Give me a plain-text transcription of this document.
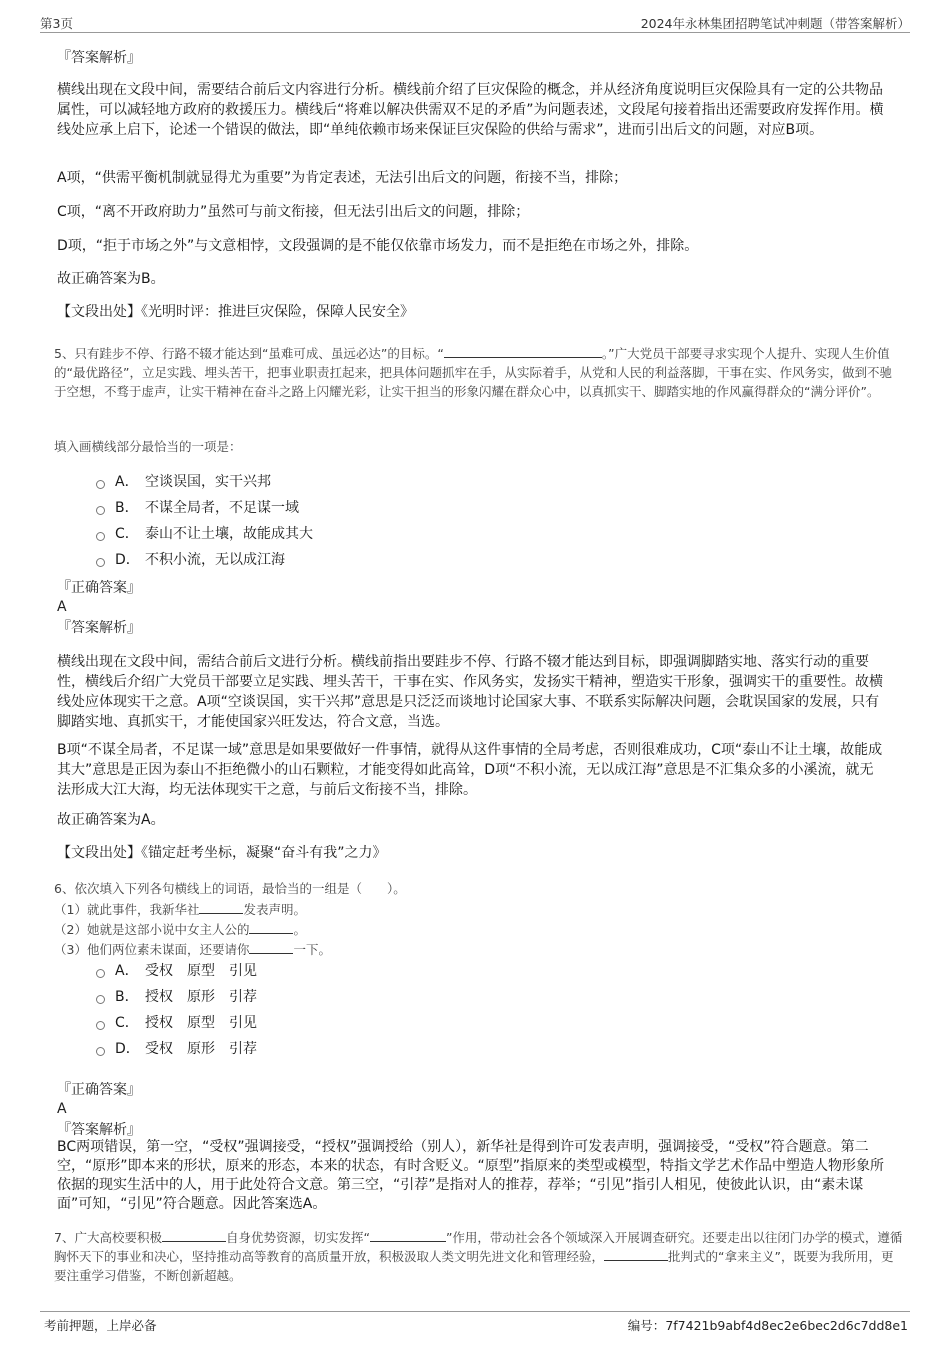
第3页	2024年永林集团招聘笔试冲刺题（带答案解析）
『答案解析』
横线出现在文段中间，需要结合前后文内容进行分析。横线前介绍了巨灾保险的概念，并从经济角度说明巨灾保险具有一定的公共物品属性，可以减轻地方政府的救援压力。横线后“将难以解决供需双不足的矛盾”为问题表述，文段尾句接着指出还需要政府发挥作用。横线处应承上启下，论述一个错误的做法，即“单纯依赖市场来保证巨灾保险的供给与需求”，进而引出后文的问题，对应B项。
A项，“供需平衡机制就显得尤为重要”为肯定表述，无法引出后文的问题，衔接不当，排除；
C项，“离不开政府助力”虽然可与前文衔接，但无法引出后文的问题，排除；
D项，“拒于市场之外”与文意相悖，文段强调的是不能仅依靠市场发力，而不是拒绝在市场之外，排除。
故正确答案为B。
【文段出处】《光明时评：推进巨灾保险，保障人民安全》
5、只有跬步不停、行路不辍才能达到“虽难可成、虽远必达”的目标。“	。”广大党员干部要寻求实现个人提升、实现人生价值的“最优路径”，立足实践、埋头苦干，把事业职责扛起来，把具体问题抓牢在手，从实际着手，从党和人民的利益落脚，干事在实、作风务实，做到不驰于空想，不骛于虚声，让实干精神在奋斗之路上闪耀光彩，让实干担当的形象闪耀在群众心中，以真抓实干、脚踏实地的作风赢得群众的“满分评价”。
填入画横线部分最恰当的一项是：
A． 空谈误国，实干兴邦
B． 不谋全局者，不足谋一域
C． 泰山不让土壤，故能成其大
D． 不积小流，无以成江海
『正确答案』
A
『答案解析』
横线出现在文段中间，需结合前后文进行分析。横线前指出要跬步不停、行路不辍才能达到目标，即强调脚踏实地、落实行动的重要性，横线后介绍广大党员干部要立足实践、埋头苦干，干事在实、作风务实，发扬实干精神，塑造实干形象，强调实干的重要性。故横线处应体现实干之意。A项“空谈误国，实干兴邦”意思是只泛泛而谈地讨论国家大事、不联系实际解决问题，会耽误国家的发展，只有脚踏实地、真抓实干，才能使国家兴旺发达，符合文意，当选。
B项“不谋全局者，不足谋一域”意思是如果要做好一件事情，就得从这件事情的全局考虑，否则很难成功，C项“泰山不让土壤，故能成其大”意思是正因为泰山不拒绝微小的山石颗粒，才能变得如此高耸，D项“不积小流，无以成江海”意思是不汇集众多的小溪流，就无法形成大江大海，均无法体现实干之意，与前后文衔接不当，排除。
故正确答案为A。
【文段出处】《锚定赶考坐标，凝聚“奋斗有我”之力》
6、依次填入下列各句横线上的词语，最恰当的一组是（　　）。
（1）就此事件，我新华社	发表声明。
（2）她就是这部小说中女主人公的	。
（3）他们两位素未谋面，还要请你	一下。
A． 受权　原型　引见
B． 授权　原形　引荐
C． 授权　原型　引见
D． 受权　原形　引荐
『正确答案』
A
『答案解析』
BC两项错误，第一空，“受权”强调接受，“授权”强调授给（别人），新华社是得到许可发表声明，强调接受，“受权”符合题意。第二空，“原形”即本来的形状，原来的形态，本来的状态，有时含贬义。“原型”指原来的类型或模型，特指文学艺术作品中塑造人物形象所依据的现实生活中的人，用于此处符合文意。第三空，“引荐”是指对人的推荐，荐举；“引见”指引人相见，使彼此认识，由“素未谋面”可知，“引见”符合题意。因此答案选A。
7、广大高校要积极	自身优势资源，切实发挥“	”作用，带动社会各个领域深入开展调查研究。还要走出以往闭门办学的模式，遵循胸怀天下的事业和决心，坚持推动高等教育的高质量开放，积极汲取人类文明先进文化和管理经验，	批判式的“拿来主义”，既要为我所用，更要注重学习借鉴，不断创新超越。
考前押题，上岸必备	编号：7f7421b9abf4d8ec2e6bec2d6c7dd8e1
